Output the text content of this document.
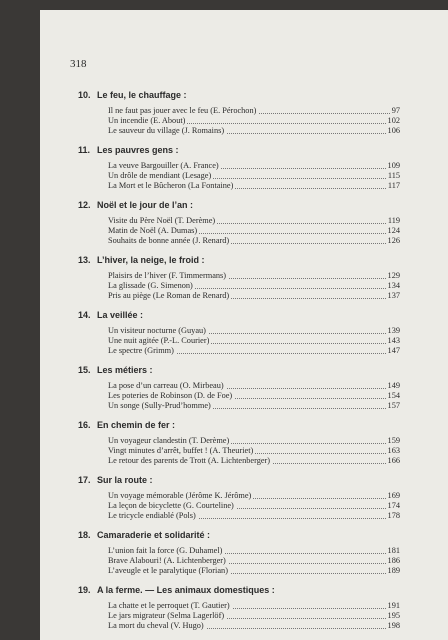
318
10. Le feu, le chauffage :
Il ne faut pas jouer avec le feu (E. Pérochon)	97
Un incendie (E. About)	102
Le sauveur du village (J. Romains)	106
11. Les pauvres gens :
La veuve Bargouiller (A. France)	109
Un drôle de mendiant (Lesage)	115
La Mort et le Bûcheron (La Fontaine)	117
12. Noël et le jour de l’an :
Visite du Père Noël (T. Derème)	119
Matin de Noël (A. Dumas)	124
Souhaits de bonne année (J. Renard)	126
13. L’hiver, la neige, le froid :
Plaisirs de l’hiver (F. Timmermans)	129
La glissade (G. Simenon)	134
Pris au piège (Le Roman de Renard)	137
14. La veillée :
Un visiteur nocturne (Guyau)	139
Une nuit agitée (P.-L. Courier)	143
Le spectre (Grimm)	147
15. Les métiers :
La pose d’un carreau (O. Mirbeau)	149
Les poteries de Robinson (D. de Foe)	154
Un songe (Sully-Prud’homme)	157
16. En chemin de fer :
Un voyageur clandestin (T. Derème)	159
Vingt minutes d’arrêt, buffet ! (A. Theuriet)	163
Le retour des parents de Trott (A. Lichtenberger)	166
17. Sur la route :
Un voyage mémorable (Jérôme K. Jérôme)	169
La leçon de bicyclette (G. Courteline)	174
Le tricycle endiablé (Pols)	178
18. Camaraderie et solidarité :
L’union fait la force (G. Duhamel)	181
Brave Alabouri! (A. Lichtenberger)	186
L’aveugle et le paralytique (Florian)	189
19. A la ferme. — Les animaux domestiques :
La chatte et le perroquet (T. Gautier)	191
Le jars migrateur (Selma Lagerlöf)	195
La mort du cheval (V. Hugo)	198
